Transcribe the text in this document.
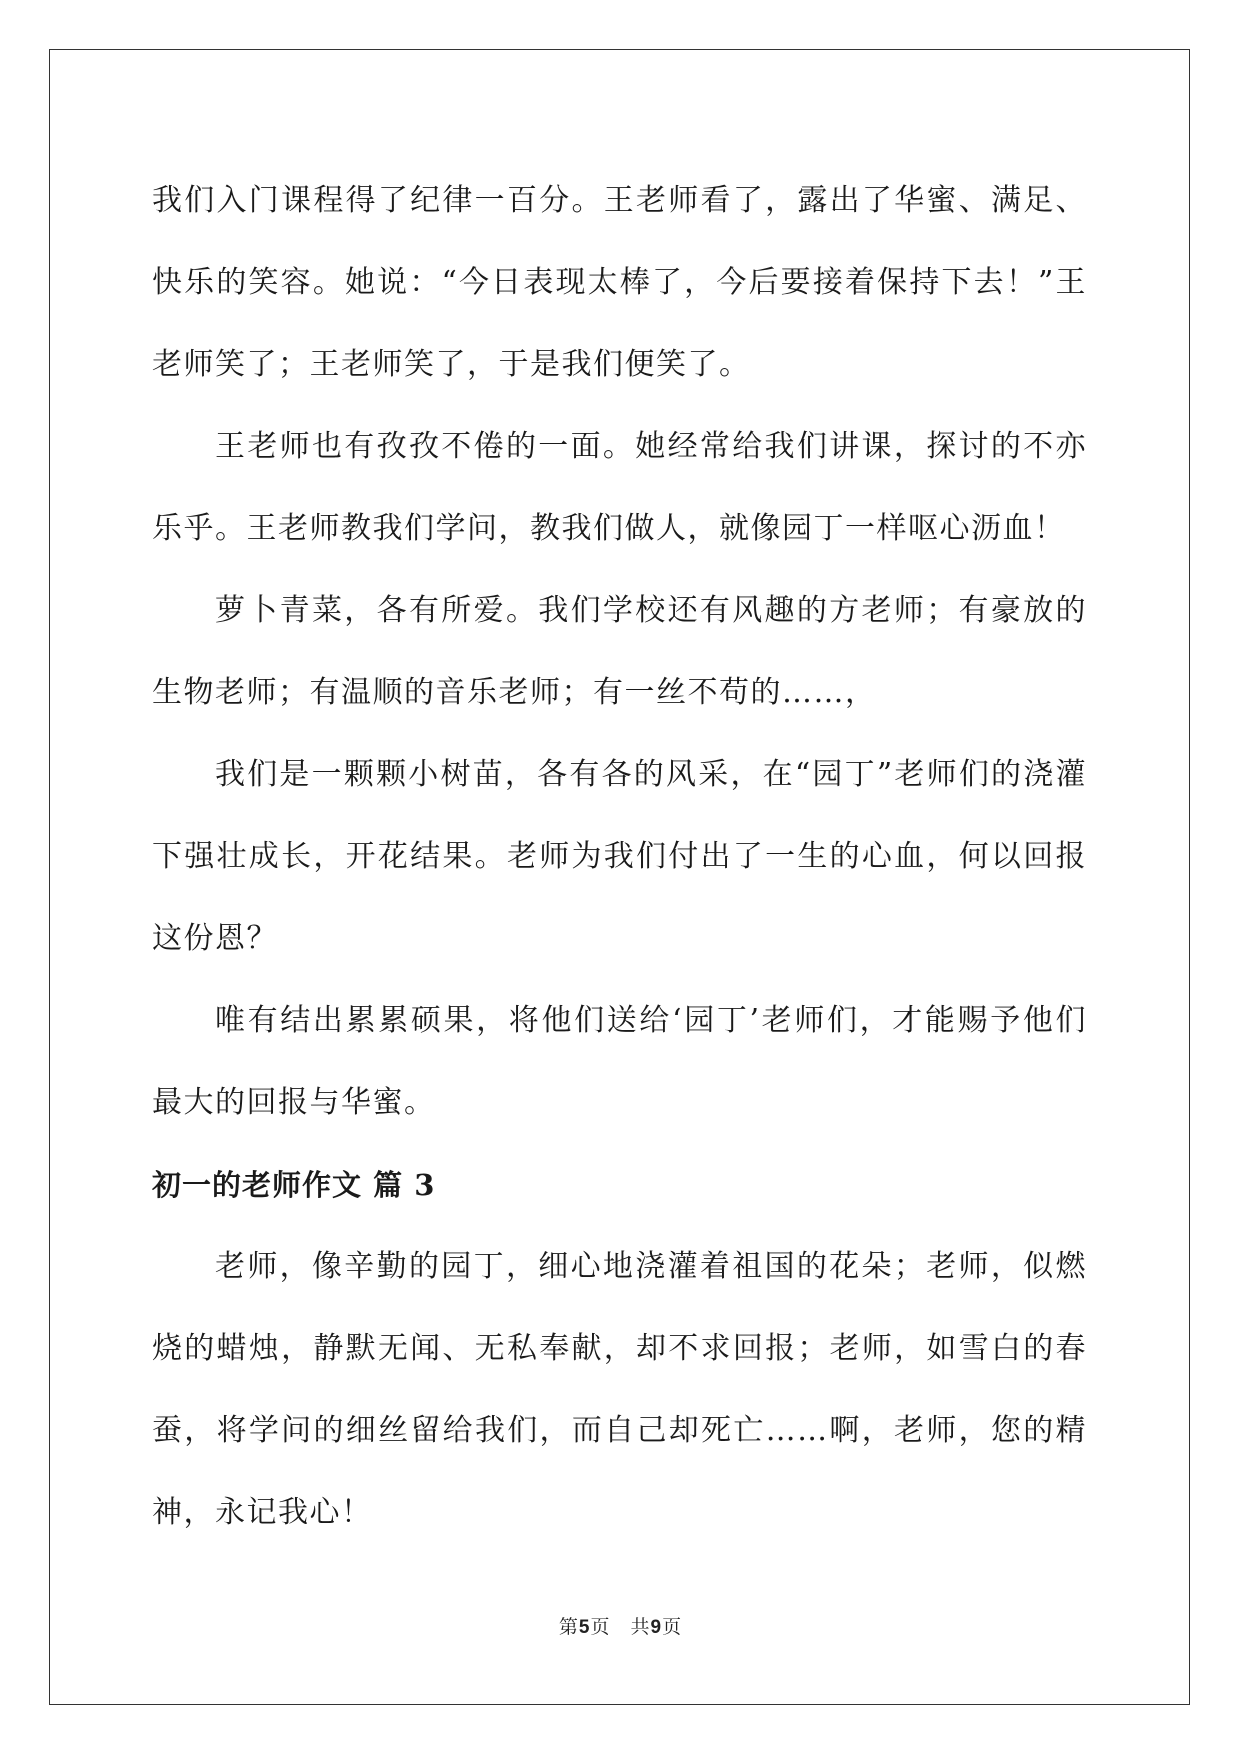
我们入门课程得了纪律一百分。王老师看了，露出了华蜜、满足、快乐的笑容。她说：“今日表现太棒了，今后要接着保持下去！”王老师笑了；王老师笑了，于是我们便笑了。

王老师也有孜孜不倦的一面。她经常给我们讲课，探讨的不亦乐乎。王老师教我们学问，教我们做人，就像园丁一样呕心沥血！

萝卜青菜，各有所爱。我们学校还有风趣的方老师；有豪放的生物老师；有温顺的音乐老师；有一丝不苟的……，

我们是一颗颗小树苗，各有各的风采，在“园丁”老师们的浇灌下强壮成长，开花结果。老师为我们付出了一生的心血，何以回报这份恩？

唯有结出累累硕果，将他们送给‘园丁’老师们，才能赐予他们最大的回报与华蜜。

初一的老师作文 篇 3

老师，像辛勤的园丁，细心地浇灌着祖国的花朵；老师，似燃烧的蜡烛，静默无闻、无私奉献，却不求回报；老师，如雪白的春蚕，将学问的细丝留给我们，而自己却死亡……啊，老师，您的精神，永记我心！

第5页 共9页
